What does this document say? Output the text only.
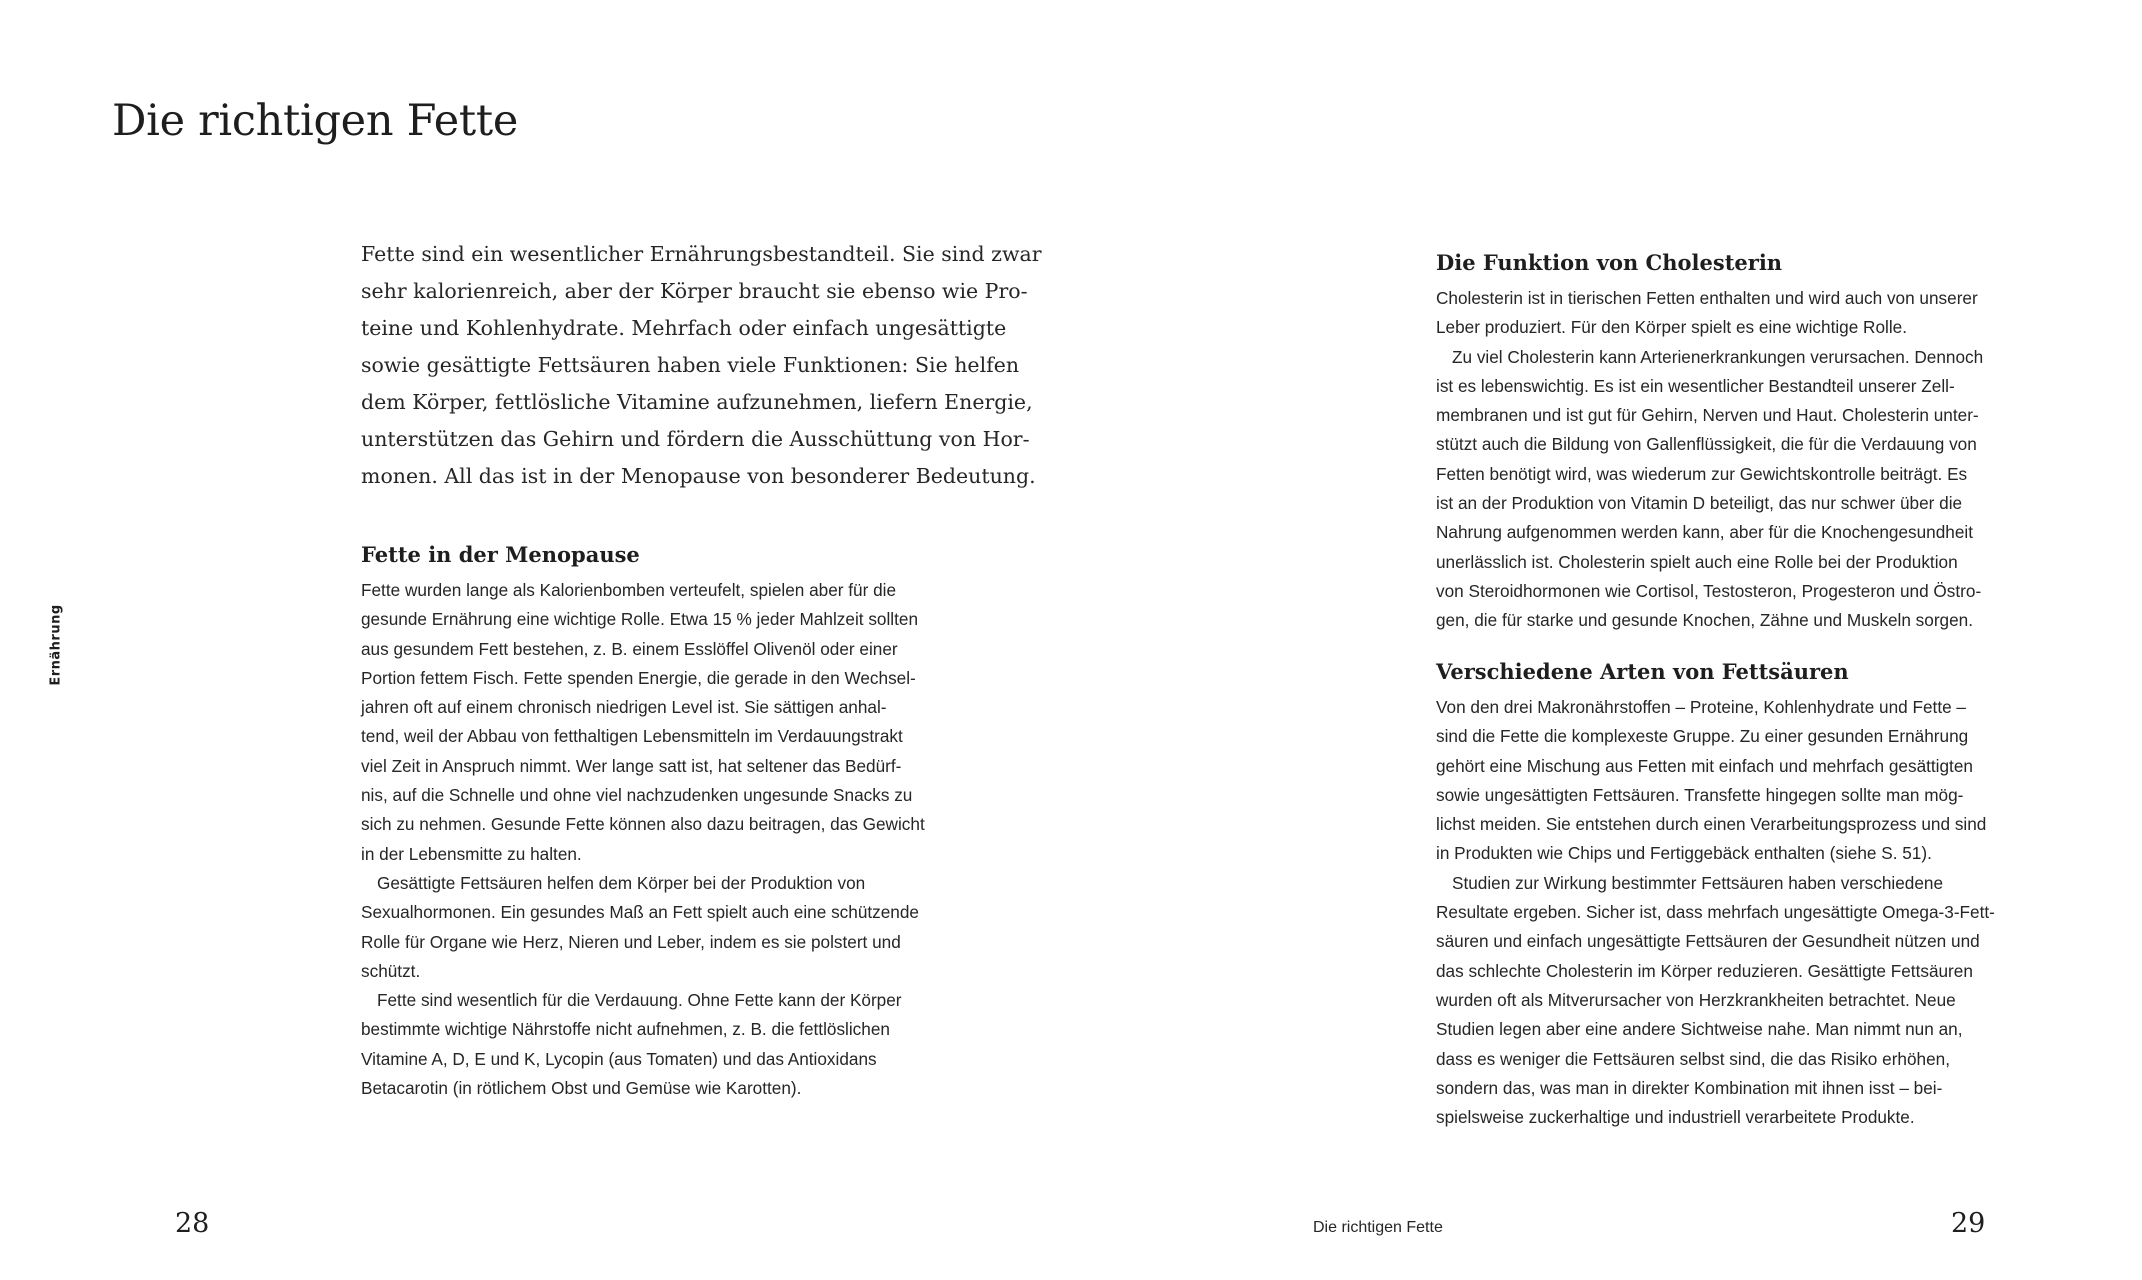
Die richtigen Fette
Ernährung
Fette sind ein wesentlicher Ernährungsbestandteil. Sie sind zwar
sehr kalorienreich, aber der Körper braucht sie ebenso wie Pro-
teine und Kohlenhydrate. Mehrfach oder einfach ungesättigte
sowie gesättigte Fettsäuren haben viele Funktionen: Sie helfen
dem Körper, fettlösliche Vitamine aufzunehmen, liefern Energie,
unterstützen das Gehirn und fördern die Ausschüttung von Hor-
monen. All das ist in der Menopause von besonderer Bedeutung.
Fette in der Menopause
Fette wurden lange als Kalorienbomben verteufelt, spielen aber für die
gesunde Ernährung eine wichtige Rolle. Etwa 15 % jeder Mahlzeit sollten
aus gesundem Fett bestehen, z. B. einem Esslöffel Olivenöl oder einer
Portion fettem Fisch. Fette spenden Energie, die gerade in den Wechsel-
jahren oft auf einem chronisch niedrigen Level ist. Sie sättigen anhal-
tend, weil der Abbau von fetthaltigen Lebensmitteln im Verdauungstrakt
viel Zeit in Anspruch nimmt. Wer lange satt ist, hat seltener das Bedürf-
nis, auf die Schnelle und ohne viel nachzudenken ungesunde Snacks zu
sich zu nehmen. Gesunde Fette können also dazu beitragen, das Gewicht
in der Lebensmitte zu halten.
Gesättigte Fettsäuren helfen dem Körper bei der Produktion von
Sexualhormonen. Ein gesundes Maß an Fett spielt auch eine schützende
Rolle für Organe wie Herz, Nieren und Leber, indem es sie polstert und
schützt.
Fette sind wesentlich für die Verdauung. Ohne Fette kann der Körper
bestimmte wichtige Nährstoffe nicht aufnehmen, z. B. die fettlöslichen
Vitamine A, D, E und K, Lycopin (aus Tomaten) und das Antioxidans
Betacarotin (in rötlichem Obst und Gemüse wie Karotten).
Die Funktion von Cholesterin
Cholesterin ist in tierischen Fetten enthalten und wird auch von unserer
Leber produziert. Für den Körper spielt es eine wichtige Rolle.
Zu viel Cholesterin kann Arterienerkrankungen verursachen. Dennoch
ist es lebenswichtig. Es ist ein wesentlicher Bestandteil unserer Zell-
membranen und ist gut für Gehirn, Nerven und Haut. Cholesterin unter-
stützt auch die Bildung von Gallenflüssigkeit, die für die Verdauung von
Fetten benötigt wird, was wiederum zur Gewichtskontrolle beiträgt. Es
ist an der Produktion von Vitamin D beteiligt, das nur schwer über die
Nahrung aufgenommen werden kann, aber für die Knochengesundheit
unerlässlich ist. Cholesterin spielt auch eine Rolle bei der Produktion
von Steroidhormonen wie Cortisol, Testosteron, Progesteron und Östro-
gen, die für starke und gesunde Knochen, Zähne und Muskeln sorgen.
Verschiedene Arten von Fettsäuren
Von den drei Makronährstoffen – Proteine, Kohlenhydrate und Fette –
sind die Fette die komplexeste Gruppe. Zu einer gesunden Ernährung
gehört eine Mischung aus Fetten mit einfach und mehrfach gesättigten
sowie ungesättigten Fettsäuren. Transfette hingegen sollte man mög-
lichst meiden. Sie entstehen durch einen Verarbeitungsprozess und sind
in Produkten wie Chips und Fertiggebäck enthalten (siehe S. 51).
Studien zur Wirkung bestimmter Fettsäuren haben verschiedene
Resultate ergeben. Sicher ist, dass mehrfach ungesättigte Omega-3-Fett-
säuren und einfach ungesättigte Fettsäuren der Gesundheit nützen und
das schlechte Cholesterin im Körper reduzieren. Gesättigte Fettsäuren
wurden oft als Mitverursacher von Herzkrankheiten betrachtet. Neue
Studien legen aber eine andere Sichtweise nahe. Man nimmt nun an,
dass es weniger die Fettsäuren selbst sind, die das Risiko erhöhen,
sondern das, was man in direkter Kombination mit ihnen isst – bei-
spielsweise zuckerhaltige und industriell verarbeitete Produkte.
28	Die richtigen Fette	29
